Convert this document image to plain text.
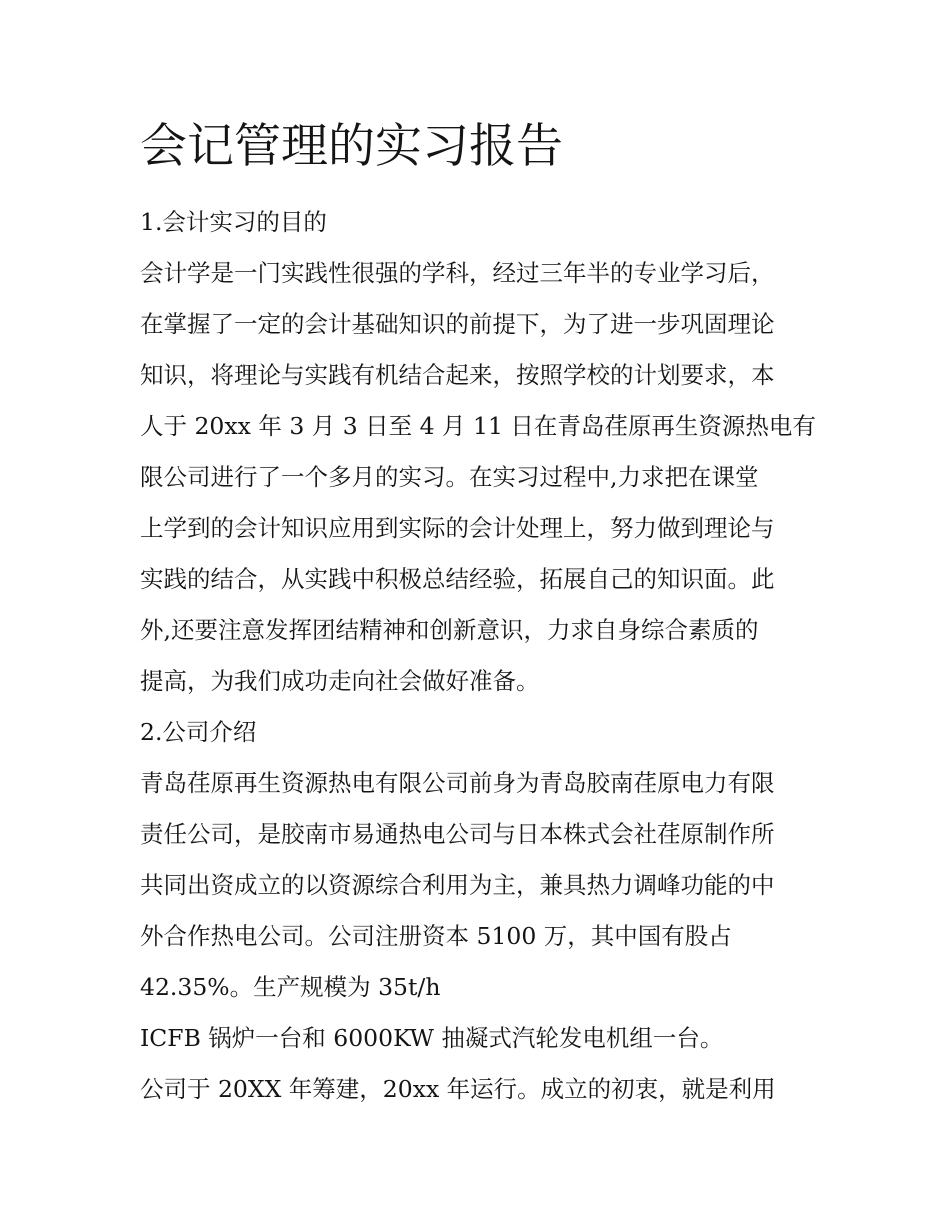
会记管理的实习报告
1.会计实习的目的
会计学是一门实践性很强的学科，经过三年半的专业学习后，
在掌握了一定的会计基础知识的前提下，为了进一步巩固理论
知识，将理论与实践有机结合起来，按照学校的计划要求，本
人于 20xx 年 3 月 3 日至 4 月 11 日在青岛荏原再生资源热电有
限公司进行了一个多月的实习。在实习过程中,力求把在课堂
上学到的会计知识应用到实际的会计处理上，努力做到理论与
实践的结合，从实践中积极总结经验，拓展自己的知识面。此
外,还要注意发挥团结精神和创新意识，力求自身综合素质的
提高，为我们成功走向社会做好准备。
2.公司介绍
青岛荏原再生资源热电有限公司前身为青岛胶南荏原电力有限
责任公司，是胶南市易通热电公司与日本株式会社荏原制作所
共同出资成立的以资源综合利用为主，兼具热力调峰功能的中
外合作热电公司。公司注册资本 5100 万，其中国有股占
42.35%。生产规模为 35t/h
ICFB 锅炉一台和 6000KW 抽凝式汽轮发电机组一台。
公司于 20XX 年筹建，20xx 年运行。成立的初衷，就是利用
